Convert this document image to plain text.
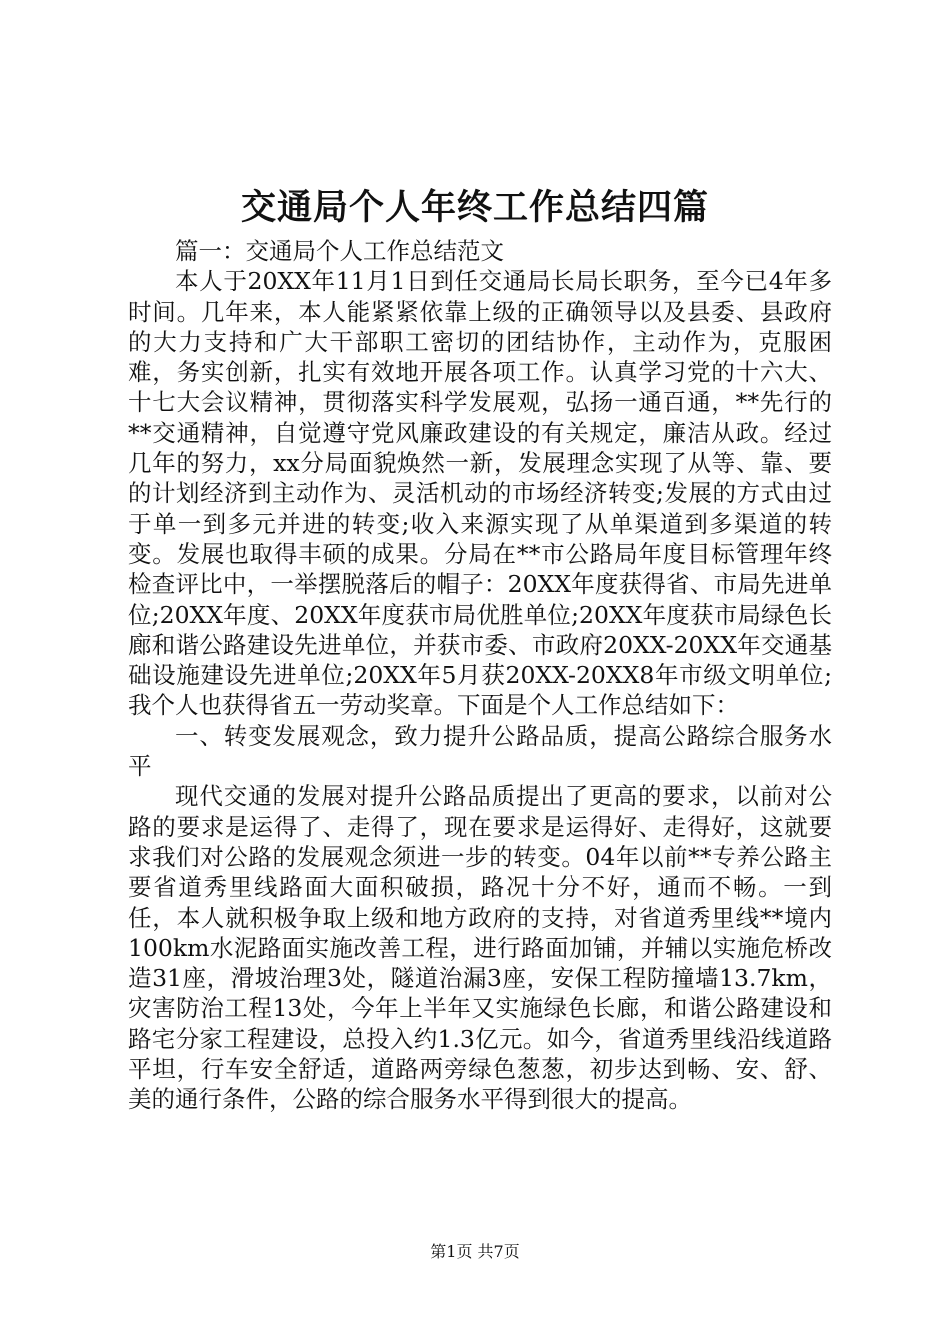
交通局个人年终工作总结四篇

篇一：交通局个人工作总结范文

本人于20XX年11月1日到任交通局长局长职务，至今已4年多时间。几年来，本人能紧紧依靠上级的正确领导以及县委、县政府的大力支持和广大干部职工密切的团结协作，主动作为，克服困难，务实创新，扎实有效地开展各项工作。认真学习党的十六大、十七大会议精神，贯彻落实科学发展观，弘扬一通百通，**先行的**交通精神，自觉遵守党风廉政建设的有关规定，廉洁从政。经过几年的努力，xx分局面貌焕然一新，发展理念实现了从等、靠、要的计划经济到主动作为、灵活机动的市场经济转变;发展的方式由过于单一到多元并进的转变;收入来源实现了从单渠道到多渠道的转变。发展也取得丰硕的成果。分局在**市公路局年度目标管理年终检查评比中，一举摆脱落后的帽子：20XX年度获得省、市局先进单位;20XX年度、20XX年度获市局优胜单位;20XX年度获市局绿色长廊和谐公路建设先进单位，并获市委、市政府20XX-20XX年交通基础设施建设先进单位;20XX年5月获20XX-20XX8年市级文明单位;我个人也获得省五一劳动奖章。下面是个人工作总结如下：

一、转变发展观念，致力提升公路品质，提高公路综合服务水平

现代交通的发展对提升公路品质提出了更高的要求，以前对公路的要求是运得了、走得了，现在要求是运得好、走得好，这就要求我们对公路的发展观念须进一步的转变。04年以前**专养公路主要省道秀里线路面大面积破损，路况十分不好，通而不畅。一到任，本人就积极争取上级和地方政府的支持，对省道秀里线**境内100km水泥路面实施改善工程，进行路面加铺，并辅以实施危桥改造31座，滑坡治理3处，隧道治漏3座，安保工程防撞墙13.7km，灾害防治工程13处，今年上半年又实施绿色长廊，和谐公路建设和路宅分家工程建设，总投入约1.3亿元。如今，省道秀里线沿线道路平坦，行车安全舒适，道路两旁绿色葱葱，初步达到畅、安、舒、美的通行条件，公路的综合服务水平得到很大的提高。

第1页 共7页
